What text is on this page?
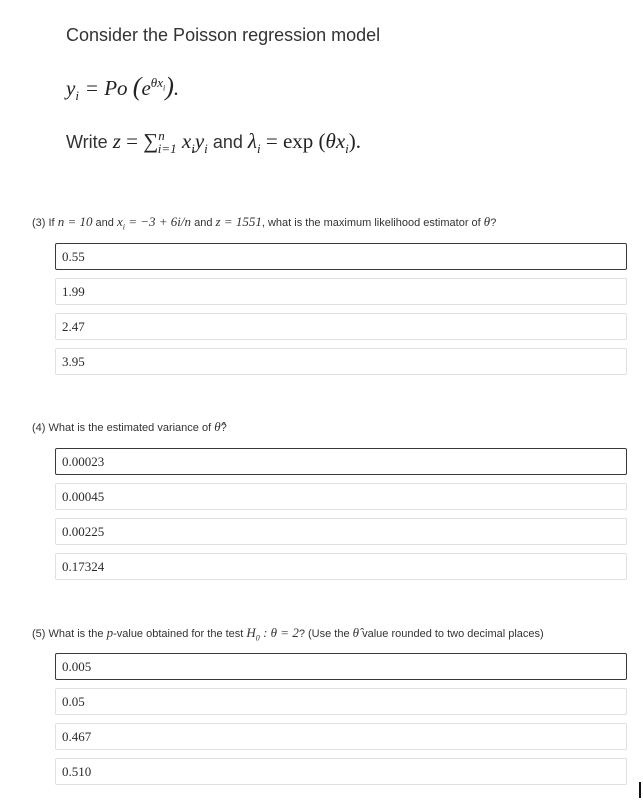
Consider the Poisson regression model
$y_i = Po$ $(e^{\theta x_i})$.
Write z = ∑$^n_{i=1}$ $x_iy_i$ and $\lambda_i = \exp (\theta x_i)$.
(3) If n = 10 and $x_i = -3 + 6i/n$ and z = 1551, what is the maximum likelihood estimator of θ?
0.55
1.99
2.47
3.95
(4) What is the estimated variance of θ̂?
0.00023
0.00045
0.00225
0.17324
(5) What is the p-value obtained for the test $H_0$ : θ = 2? (Use the θ̂ value rounded to two decimal places)
0.005
0.05
0.467
0.510
